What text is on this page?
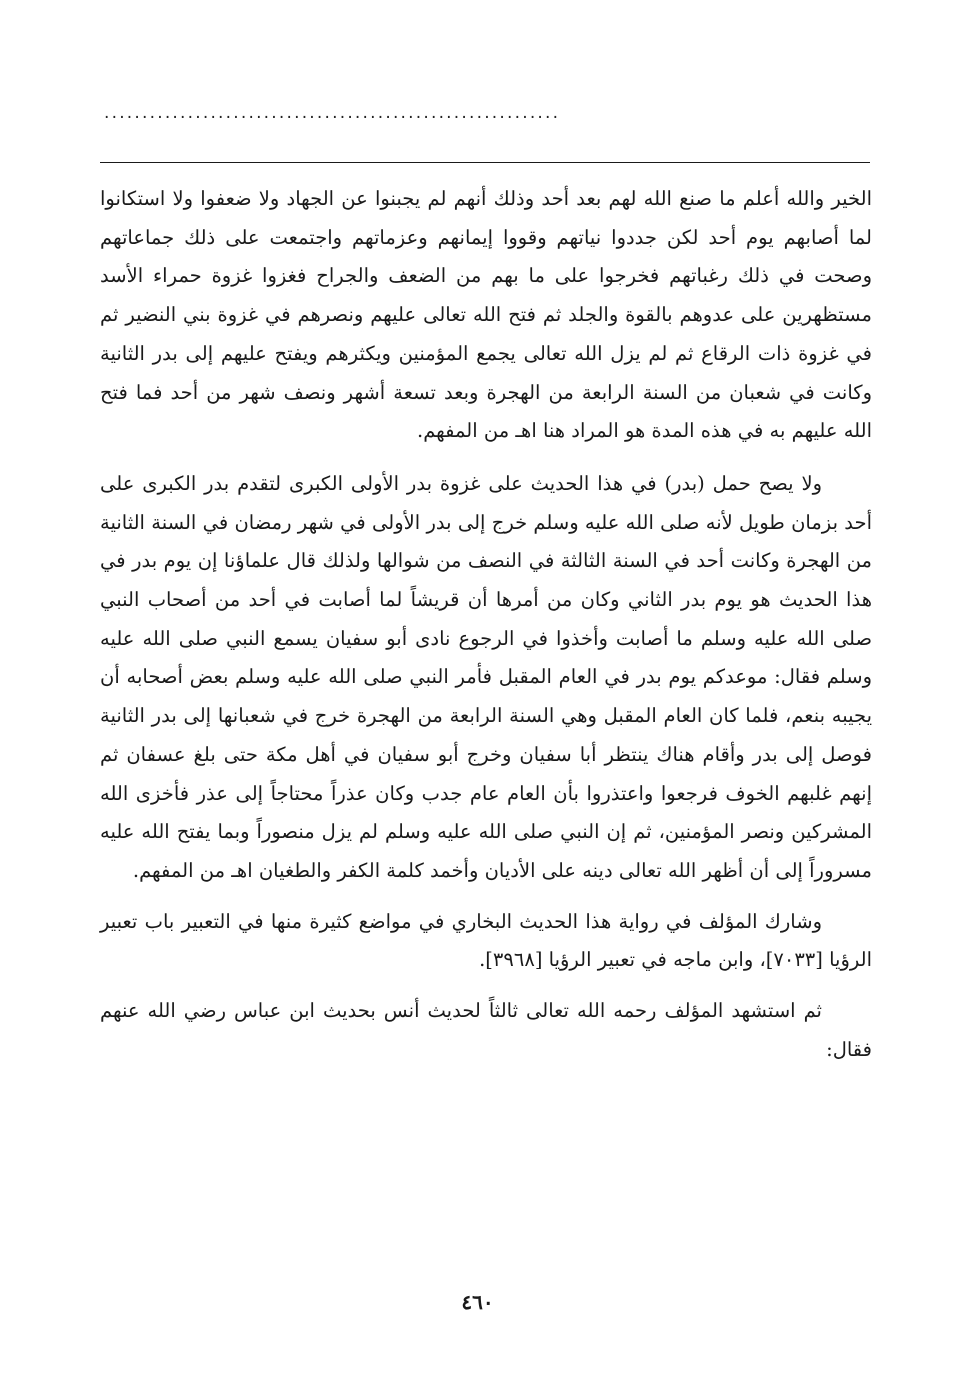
............................................................

الخير والله أعلم ما صنع الله لهم بعد أحد وذلك أنهم لم يجبنوا عن الجهاد ولا ضعفوا ولا استكانوا لما أصابهم يوم أحد لكن جددوا نياتهم وقووا إيمانهم وعزماتهم واجتمعت على ذلك جماعاتهم وصحت في ذلك رغباتهم فخرجوا على ما بهم من الضعف والجراح فغزوا غزوة حمراء الأسد مستظهرين على عدوهم بالقوة والجلد ثم فتح الله تعالى عليهم ونصرهم في غزوة بني النضير ثم في غزوة ذات الرقاع ثم لم يزل الله تعالى يجمع المؤمنين ويكثرهم ويفتح عليهم إلى بدر الثانية وكانت في شعبان من السنة الرابعة من الهجرة وبعد تسعة أشهر ونصف شهر من أحد فما فتح الله عليهم به في هذه المدة هو المراد هنا اهـ من المفهم.

ولا يصح حمل (بدر) في هذا الحديث على غزوة بدر الأولى الكبرى لتقدم بدر الكبرى على أحد بزمان طويل لأنه صلى الله عليه وسلم خرج إلى بدر الأولى في شهر رمضان في السنة الثانية من الهجرة وكانت أحد في السنة الثالثة في النصف من شوالها ولذلك قال علماؤنا إن يوم بدر في هذا الحديث هو يوم بدر الثاني وكان من أمرها أن قريشاً لما أصابت في أحد من أصحاب النبي صلى الله عليه وسلم ما أصابت وأخذوا في الرجوع نادى أبو سفيان يسمع النبي صلى الله عليه وسلم فقال: موعدكم يوم بدر في العام المقبل فأمر النبي صلى الله عليه وسلم بعض أصحابه أن يجيبه بنعم، فلما كان العام المقبل وهي السنة الرابعة من الهجرة خرج في شعبانها إلى بدر الثانية فوصل إلى بدر وأقام هناك ينتظر أبا سفيان وخرج أبو سفيان في أهل مكة حتى بلغ عسفان ثم إنهم غلبهم الخوف فرجعوا واعتذروا بأن العام عام جدب وكان عذراً محتاجاً إلى عذر فأخزى الله المشركين ونصر المؤمنين، ثم إن النبي صلى الله عليه وسلم لم يزل منصوراً وبما يفتح الله عليه مسروراً إلى أن أظهر الله تعالى دينه على الأديان وأخمد كلمة الكفر والطغيان اهـ من المفهم.

وشارك المؤلف في رواية هذا الحديث البخاري في مواضع كثيرة منها في التعبير باب تعبير الرؤيا [٧٠٣٣]، وابن ماجه في تعبير الرؤيا [٣٩٦٨].

ثم استشهد المؤلف رحمه الله تعالى ثالثاً لحديث أنس بحديث ابن عباس رضي الله عنهم فقال:

٤٦٠
